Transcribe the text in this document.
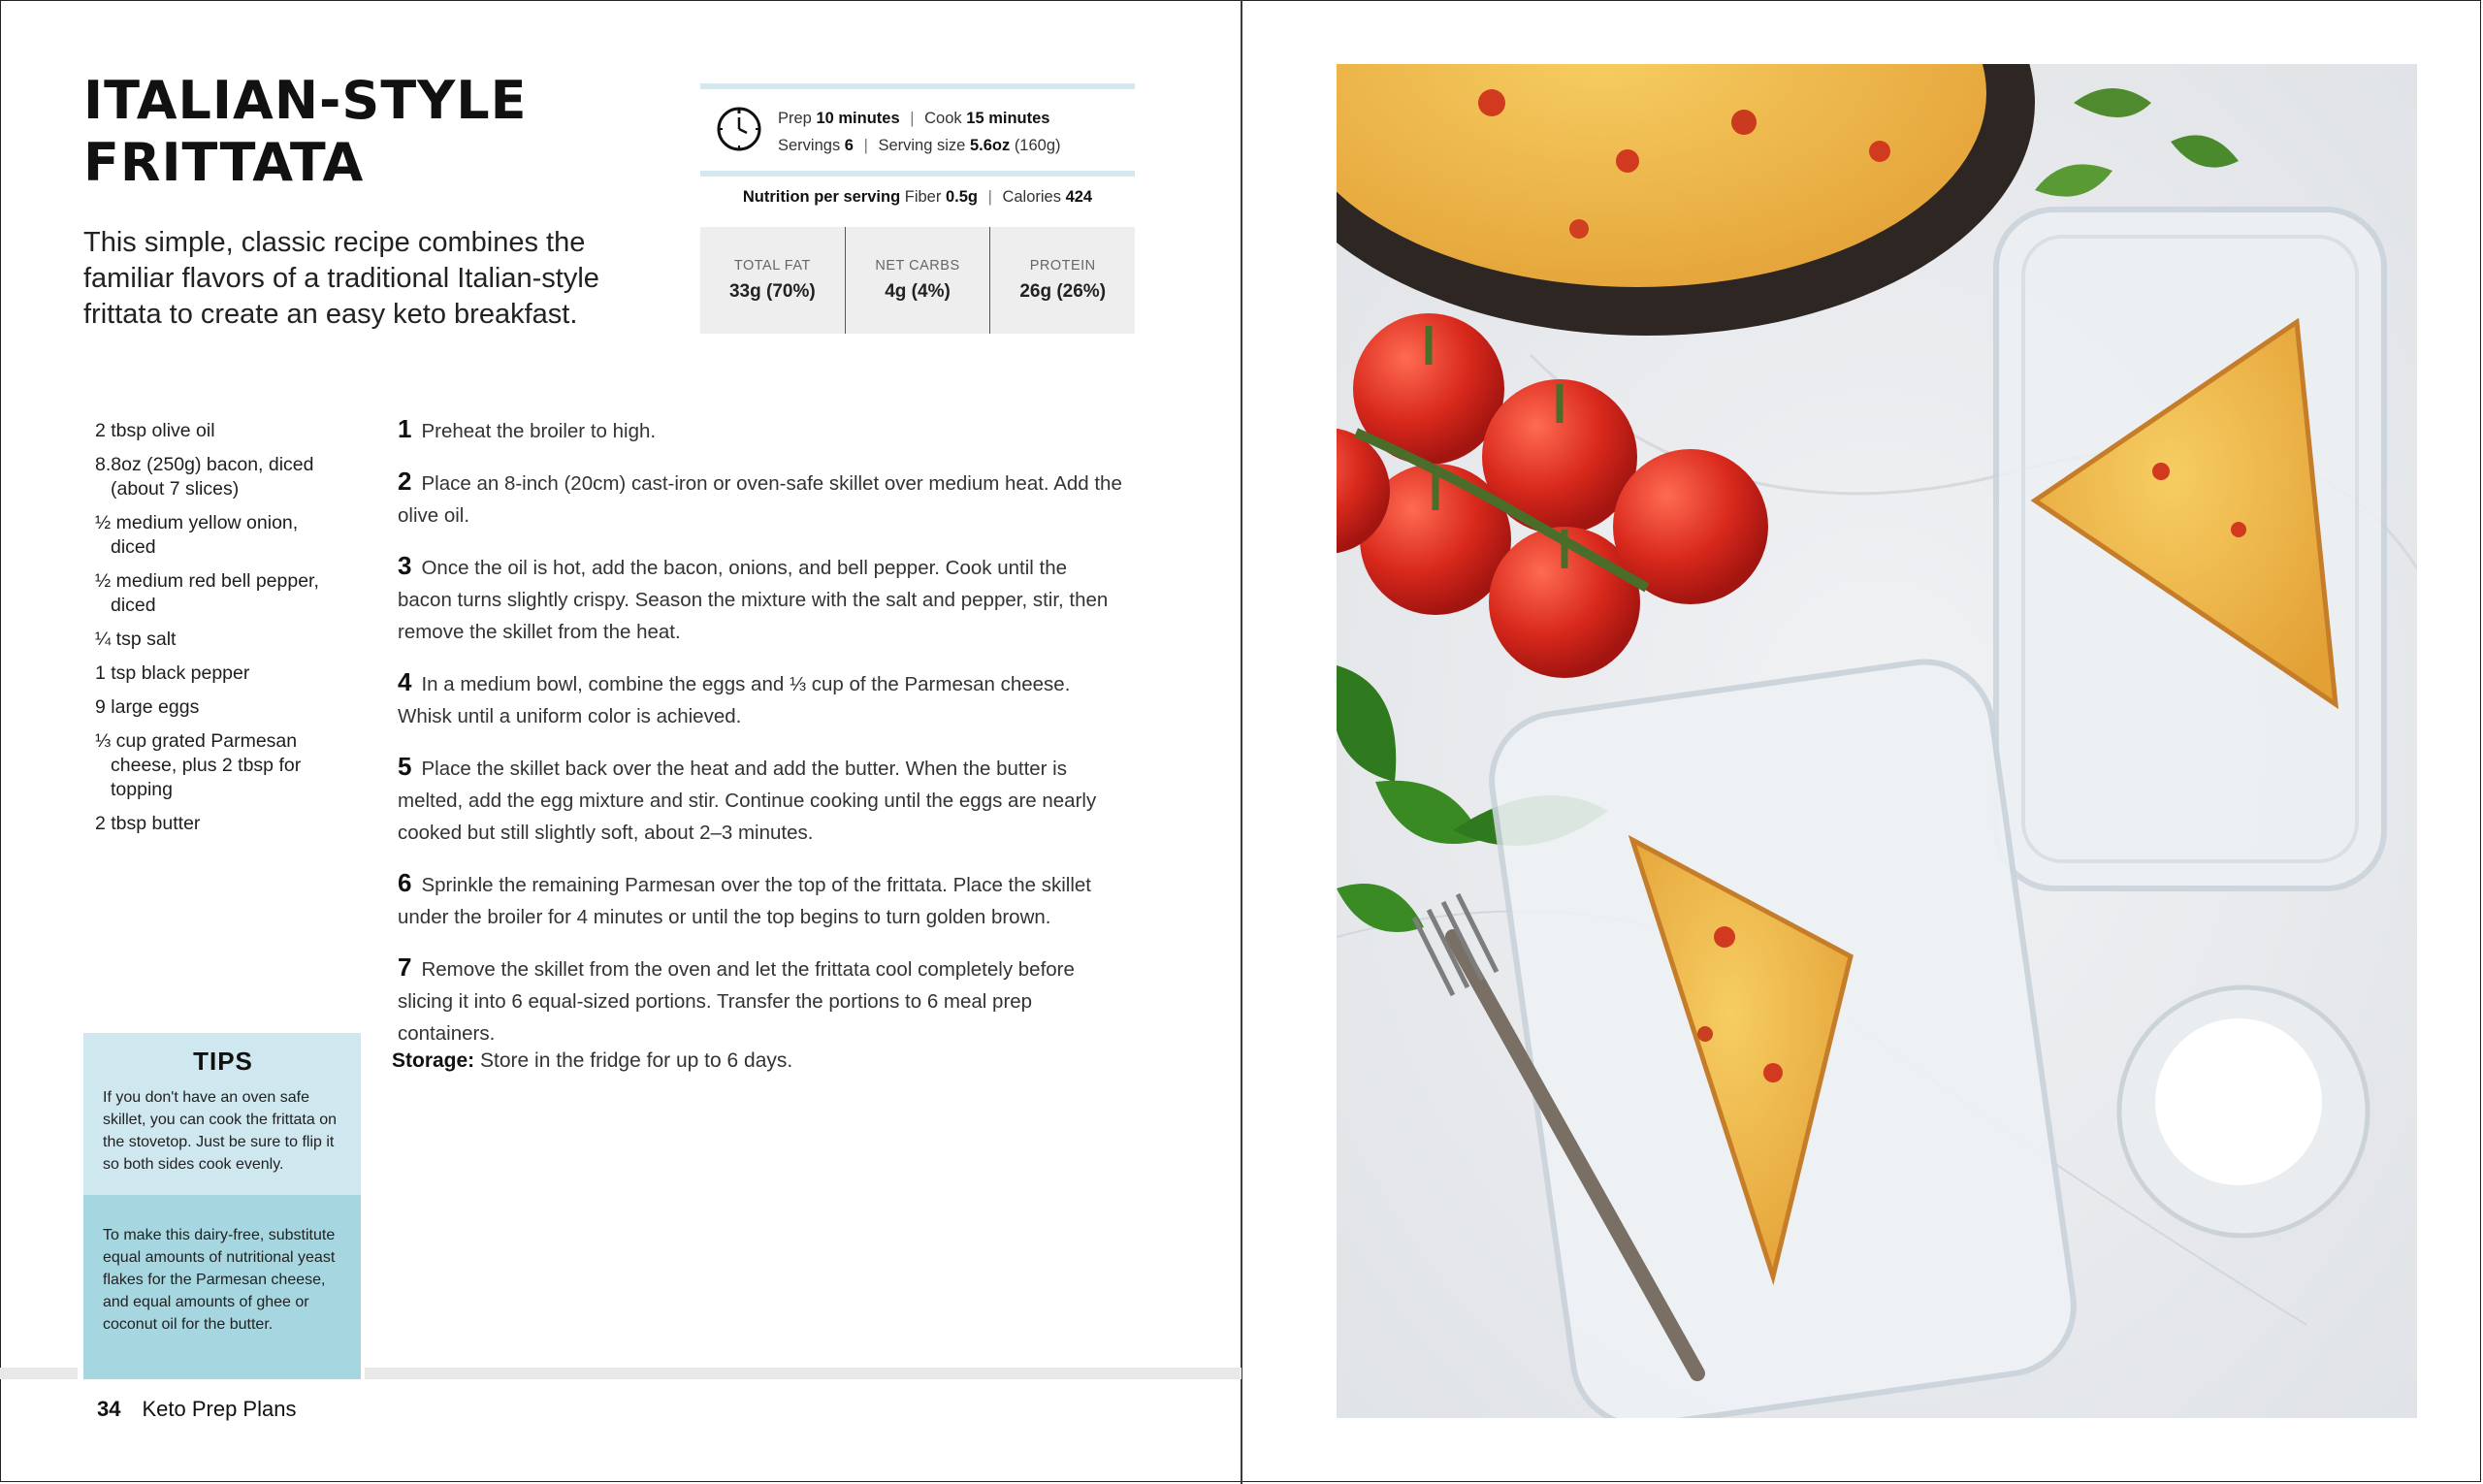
ITALIAN-STYLE
FRITTATA

This simple, classic recipe combines the familiar flavors of a traditional Italian-style frittata to create an easy keto breakfast.

Prep 10 minutes | Cook 15 minutes
Servings 6 | Serving size 5.6oz (160g)
Nutrition per serving Fiber 0.5g | Calories 424
TOTAL FAT
33g (70%)
NET CARBS
4g (4%)
PROTEIN
26g (26%)
2 tbsp olive oil
8.8oz (250g) bacon, diced (about 7 slices)
½ medium yellow onion, diced
½ medium red bell pepper, diced
¼ tsp salt
1 tsp black pepper
9 large eggs
⅓ cup grated Parmesan cheese, plus 2 tbsp for topping
2 tbsp butter
1 Preheat the broiler to high.
2 Place an 8-inch (20cm) cast-iron or oven-safe skillet over medium heat. Add the olive oil.
3 Once the oil is hot, add the bacon, onions, and bell pepper. Cook until the bacon turns slightly crispy. Season the mixture with the salt and pepper, stir, then remove the skillet from the heat.
4 In a medium bowl, combine the eggs and ⅓ cup of the Parmesan cheese. Whisk until a uniform color is achieved.
5 Place the skillet back over the heat and add the butter. When the butter is melted, add the egg mixture and stir. Continue cooking until the eggs are nearly cooked but still slightly soft, about 2–3 minutes.
6 Sprinkle the remaining Parmesan over the top of the frittata. Place the skillet under the broiler for 4 minutes or until the top begins to turn golden brown.
7 Remove the skillet from the oven and let the frittata cool completely before slicing it into 6 equal-sized portions. Transfer the portions to 6 meal prep containers.

Storage: Store in the fridge for up to 6 days.

TIPS

If you don't have an oven safe skillet, you can cook the frittata on the stovetop. Just be sure to flip it so both sides cook evenly.

To make this dairy-free, substitute equal amounts of nutritional yeast flakes for the Parmesan cheese, and equal amounts of ghee or coconut oil for the butter.

34 Keto Prep Plans
